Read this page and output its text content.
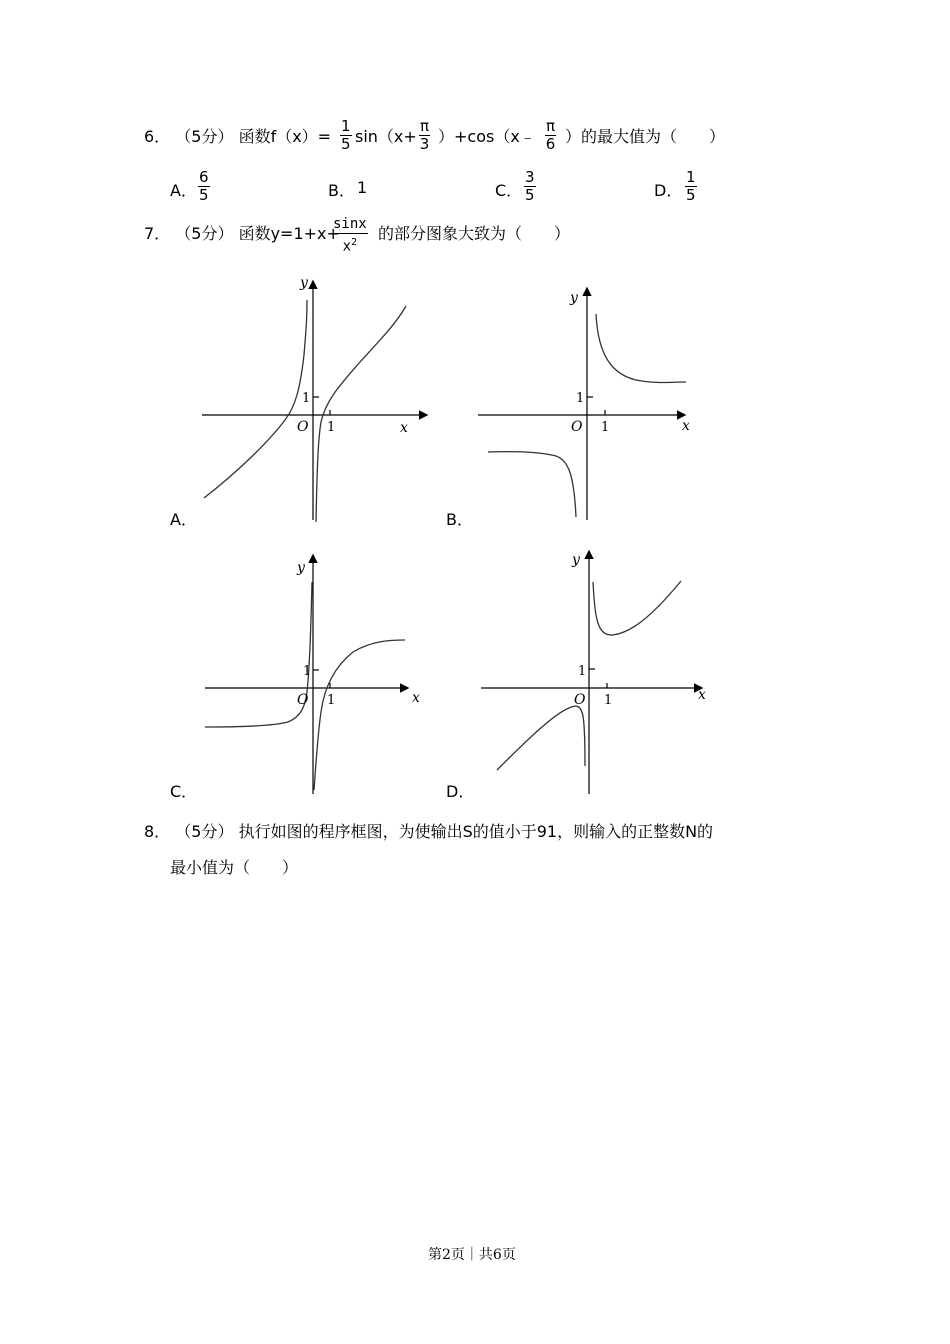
6． （5分） 函数$f(x)= \frac{1}{5} \sin(x+ \frac{\pi}{3}$ ）+cos（x﹣ $\frac{\pi}{6}$ ）的最大值为（　　）
A． $\frac{6}{5}$	B． 1	C． $\frac{3}{5}$	D． $\frac{1}{5}$
7． （5分） 函数y=1+x+
$\frac{\sin x}{x^2}$ 的部分图象大致为（　　）
y
x
O 1
1
A．
y
x
O 1
1
B．
y
x
O 1
1
C．
y
x
O 1
1
D．
8． （5分） 执行如图的程序框图，为使输出S的值小于91，则输入的正整数N的
最小值为（　　）
第2页｜共6页
